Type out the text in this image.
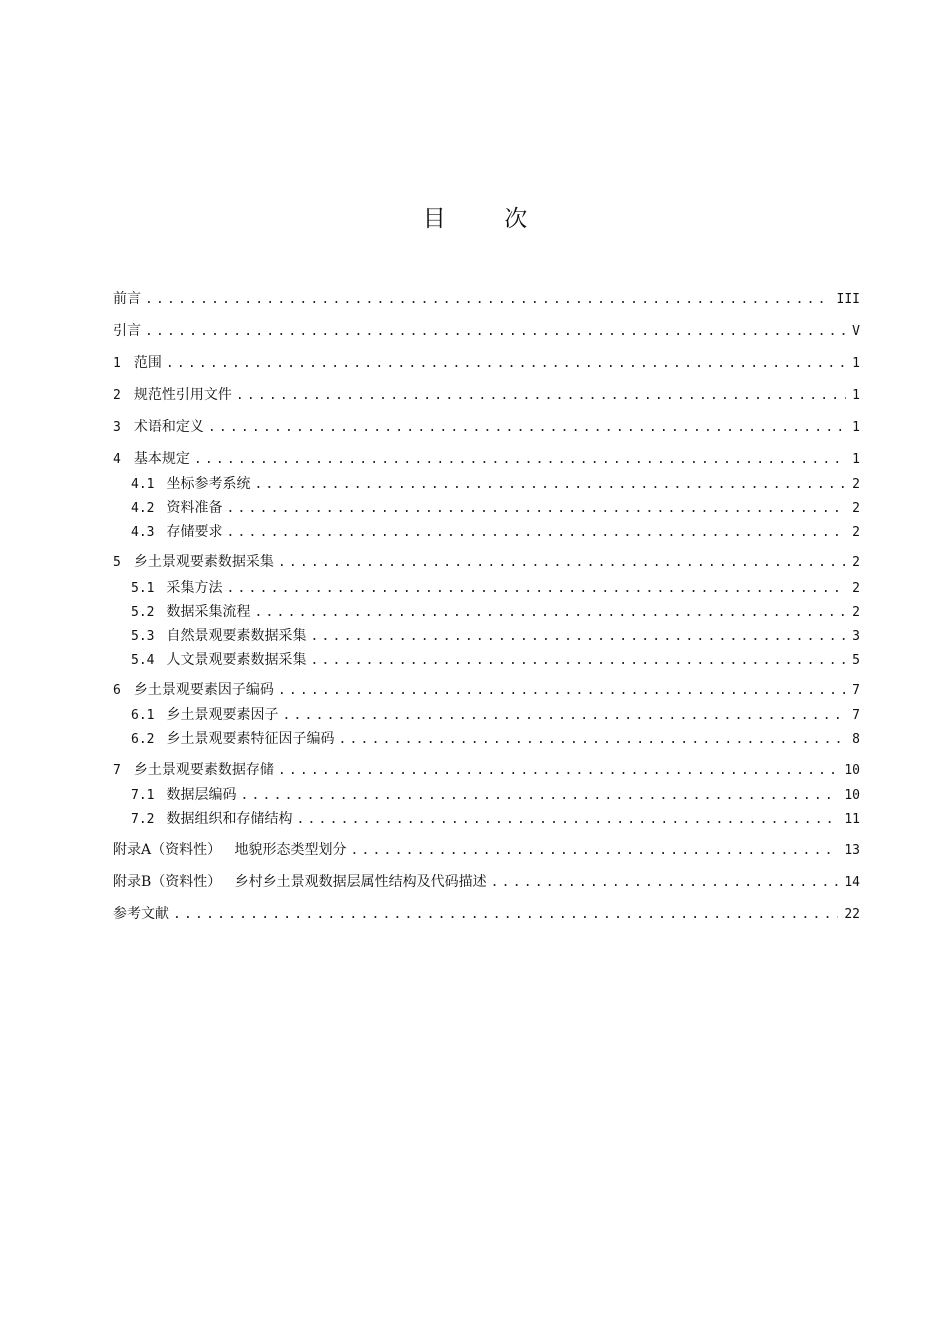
目        次
前言 .....	III
引言 .....	V
1 范围 .....	1
2 规范性引用文件 .....	1
3 术语和定义 .....	1
4 基本规定 .....	1
4.1 坐标参考系统 .....	2
4.2 资料准备 .....	2
4.3 存储要求 .....	2
5 乡土景观要素数据采集 .....	2
5.1 采集方法 .....	2
5.2 数据采集流程 .....	2
5.3 自然景观要素数据采集 .....	3
5.4 人文景观要素数据采集 .....	5
6 乡土景观要素因子编码 .....	7
6.1 乡土景观要素因子 .....	7
6.2 乡土景观要素特征因子编码 .....	8
7 乡土景观要素数据存储 .....	10
7.1 数据层编码 .....	10
7.2 数据组织和存储结构 .....	11
附录A（资料性）   地貌形态类型划分 .....	13
附录B（资料性）   乡村乡土景观数据层属性结构及代码描述 .....	14
参考文献 .....	22
